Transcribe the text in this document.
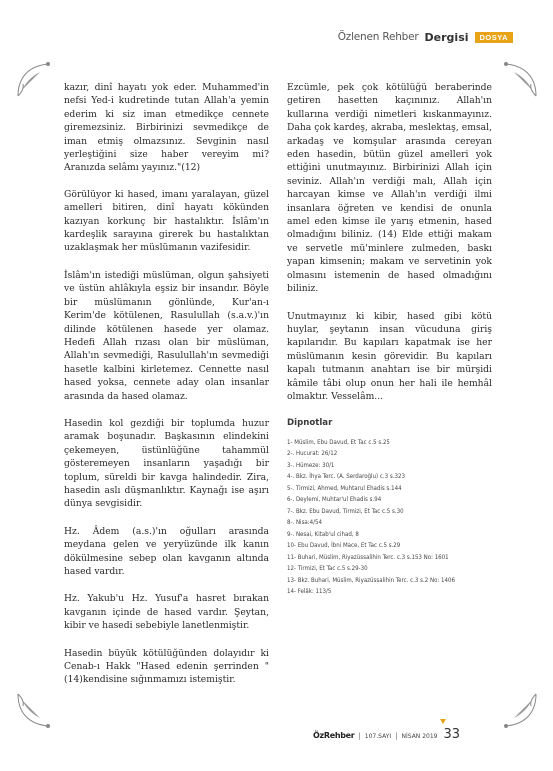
Özlenen Rehber Dergisi	DOSYA

kazır, dinî hayatı yok eder. Muhammed'in nefsi Yed-i kudretinde tutan Allah'a yemin ederim ki siz iman etmedikçe cennete giremezsiniz. Birbirinizi sevmedikçe de iman etmiş olmazsınız. Sevginin nasıl yerleştiğini size haber vereyim mi? Aranızda selâmı yayınız."(12)

Görülüyor ki hased, imanı yaralayan, güzel amelleri bitiren, dinî hayatı kökünden kazıyan korkunç bir hastalıktır. İslâm'ın kardeşlik sarayına girerek bu hastalıktan uzaklaşmak her müslümanın vazifesidir.

İslâm'ın istediği müslüman, olgun şahsiyeti ve üstün ahlâkıyla eşsiz bir insandır. Böyle bir müslümanın gönlünde, Kur'an-ı Kerim'de kötülenen, Rasulullah (s.a.v.)'ın dilinde kötülenen hasede yer olamaz. Hedefi Allah rızası olan bir müslüman, Allah'ın sevmediği, Rasulullah'ın sevmediği hasetle kalbini kirletemez. Cennette nasıl hased yoksa, cennete aday olan insanlar arasında da hased olamaz.

Hasedin kol gezdiği bir toplumda huzur aramak boşunadır. Başkasının elindekini çekemeyen, üstünlüğüne tahammül gösteremeyen insanların yaşadığı bir toplum, süreldi bir kavga halindedir. Zira, hasedin aslı düşmanlıktır. Kaynağı ise aşırı dünya sevgisidir.

Hz. Âdem (a.s.)'ın oğulları arasında meydana gelen ve yeryüzünde ilk kanın dökülmesine sebep olan kavganın altında hased vardır.

Hz. Yakub'u Hz. Yusuf'a hasret bırakan kavganın içinde de hased vardır. Şeytan, kibir ve hasedi sebebiyle lanetlenmiştir.

Hasedin büyük kötülüğünden dolayıdır ki Cenab-ı Hakk "Hased edenin şerrinden "(14)kendisine sığınmamızı istemiştir.

Ezcümle, pek çok kötülüğü beraberinde getiren hasetten kaçınınız. Allah'ın kullarına verdiği nimetleri kıskanmayınız. Daha çok kardeş, akraba, meslektaş, emsal, arkadaş ve komşular arasında cereyan eden hasedin, bütün güzel amelleri yok ettiğini unutmayınız. Birbirinizi Allah için seviniz. Allah'ın verdiği malı, Allah için harcayan kimse ve Allah'ın verdiği ilmi insanlara öğreten ve kendisi de onunla amel eden kimse ile yarış etmenin, hased olmadığını biliniz. (14) Elde ettiği makam ve servetle mü'minlere zulmeden, baskı yapan kimsenin; makam ve servetinin yok olmasını istemenin de hased olmadığını biliniz.

Unutmayınız ki kibir, hased gibi kötü huylar, şeytanın insan vücuduna giriş kapılarıdır. Bu kapıları kapatmak ise her müslümanın kesin görevidir. Bu kapıları kapalı tutmanın anahtarı ise bir mürşidi kâmile tâbi olup onun her hali ile hemhâl olmaktır. Vesselâm...

Dipnotlar
1- Müslim, Ebu Davud, Et Tac c.5 s.25
2-. Hucurat: 26/12
3-. Hümeze: 30/1
4-. Bkz. İhya Terc. (A. Serdaroğlu) c.3 s.323
5-. Tirmizi, Ahmed, Muhtarul Ehadis s.144
6-. Deylemi, Muhtar'ul Ehadis s.94
7-. Bkz. Ebu Davud, Tirmizi, Et Tac c.5 s.30
8-. Nisa:4/54
9-. Nesai, Kitab'ul cihad, 8
10- Ebu Davud, İbni Mace, Et Tac c.5 s.29
11- Buhari, Müslim, Riyazüssalihin Terc. c.3 s.153 No: 1601
12- Tirmizi, Et Tac c.5 s.29-30
13- Bkz. Buhari, Müslim, Riyazüssalihin Terc. c.3 s.2 No: 1406
14- Felâk: 113/5
ÖzRehber | 107.SAYI | NİSAN 2019 33
